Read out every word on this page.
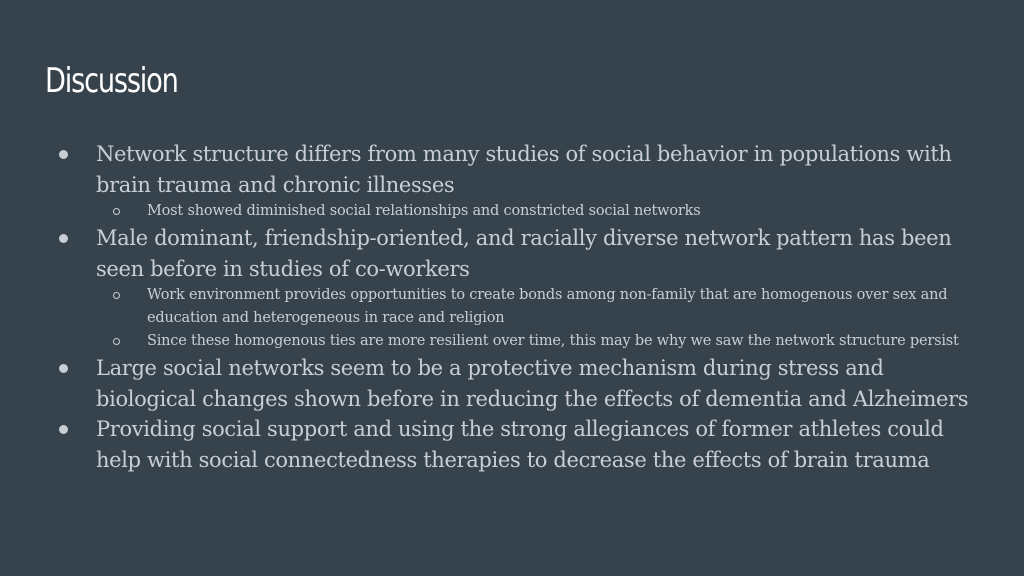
Discussion
Network structure differs from many studies of social behavior in populations with brain trauma and chronic illnesses
Most showed diminished social relationships and constricted social networks
Male dominant, friendship-oriented, and racially diverse network pattern has been seen before in studies of co-workers
Work environment provides opportunities to create bonds among non-family that are homogenous over sex and education and heterogeneous in race and religion
Since these homogenous ties are more resilient over time, this may be why we saw the network structure persist
Large social networks seem to be a protective mechanism during stress and biological changes shown before in reducing the effects of dementia and Alzheimers
Providing social support and using the strong allegiances of former athletes could help with social connectedness therapies to decrease the effects of brain trauma
